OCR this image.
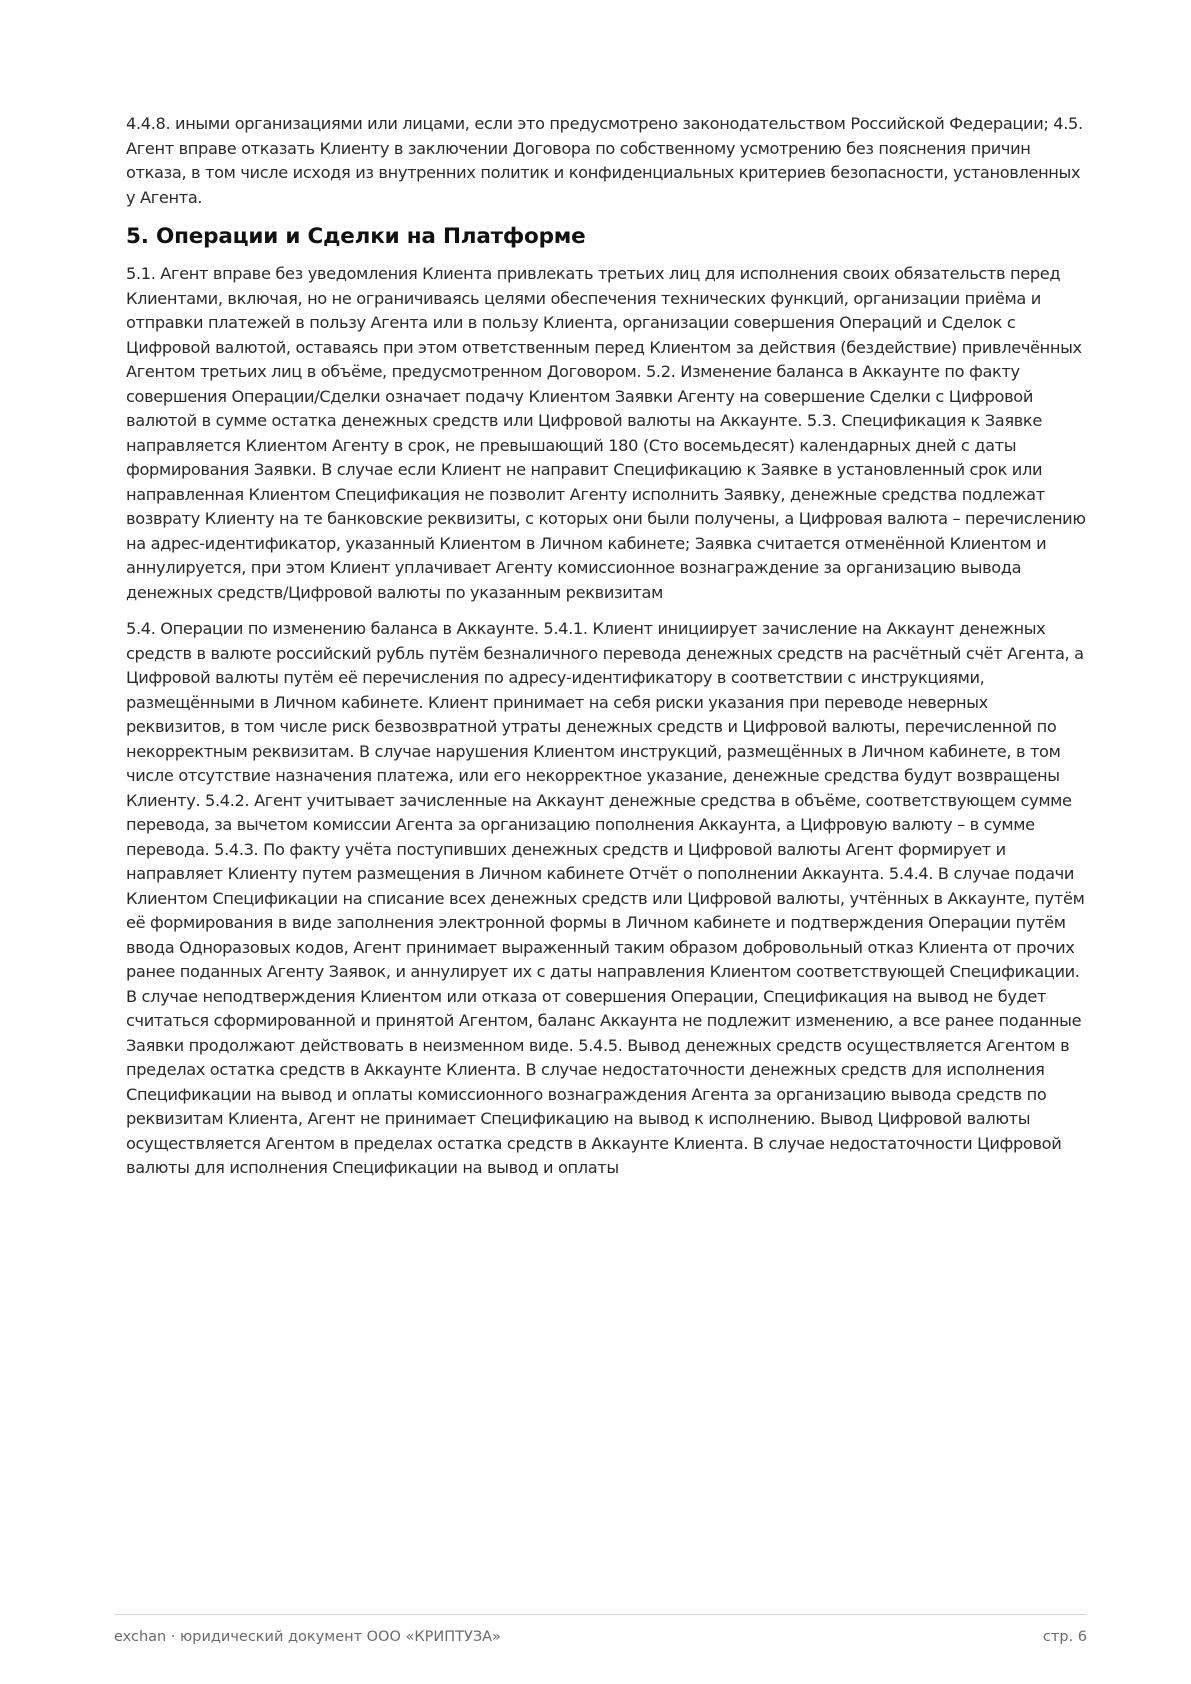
4.4.8. иными организациями или лицами, если это предусмотрено законодательством Российской Федерации; 4.5. Агент вправе отказать Клиенту в заключении Договора по собственному усмотрению без пояснения причин отказа, в том числе исходя из внутренних политик и конфиденциальных критериев безопасности, установленных у Агента.

5. Операции и Сделки на Платформе

5.1. Агент вправе без уведомления Клиента привлекать третьих лиц для исполнения своих обязательств перед Клиентами, включая, но не ограничиваясь целями обеспечения технических функций, организации приёма и отправки платежей в пользу Агента или в пользу Клиента, организации совершения Операций и Сделок с Цифровой валютой, оставаясь при этом ответственным перед Клиентом за действия (бездействие) привлечённых Агентом третьих лиц в объёме, предусмотренном Договором. 5.2. Изменение баланса в Аккаунте по факту совершения Операции/Сделки означает подачу Клиентом Заявки Агенту на совершение Сделки с Цифровой валютой в сумме остатка денежных средств или Цифровой валюты на Аккаунте. 5.3. Спецификация к Заявке направляется Клиентом Агенту в срок, не превышающий 180 (Сто восемьдесят) календарных дней с даты формирования Заявки. В случае если Клиент не направит Спецификацию к Заявке в установленный срок или направленная Клиентом Спецификация не позволит Агенту исполнить Заявку, денежные средства подлежат возврату Клиенту на те банковские реквизиты, с которых они были получены, а Цифровая валюта – перечислению на адрес-идентификатор, указанный Клиентом в Личном кабинете; Заявка считается отменённой Клиентом и аннулируется, при этом Клиент уплачивает Агенту комиссионное вознаграждение за организацию вывода денежных средств/Цифровой валюты по указанным реквизитам

5.4. Операции по изменению баланса в Аккаунте. 5.4.1. Клиент инициирует зачисление на Аккаунт денежных средств в валюте российский рубль путём безналичного перевода денежных средств на расчётный счёт Агента, а Цифровой валюты путём её перечисления по адресу-идентификатору в соответствии с инструкциями, размещёнными в Личном кабинете. Клиент принимает на себя риски указания при переводе неверных реквизитов, в том числе риск безвозвратной утраты денежных средств и Цифровой валюты, перечисленной по некорректным реквизитам. В случае нарушения Клиентом инструкций, размещённых в Личном кабинете, в том числе отсутствие назначения платежа, или его некорректное указание, денежные средства будут возвращены Клиенту. 5.4.2. Агент учитывает зачисленные на Аккаунт денежные средства в объёме, соответствующем сумме перевода, за вычетом комиссии Агента за организацию пополнения Аккаунта, а Цифровую валюту – в сумме перевода. 5.4.3. По факту учёта поступивших денежных средств и Цифровой валюты Агент формирует и направляет Клиенту путем размещения в Личном кабинете Отчёт о пополнении Аккаунта. 5.4.4. В случае подачи Клиентом Спецификации на списание всех денежных средств или Цифровой валюты, учтённых в Аккаунте, путём её формирования в виде заполнения электронной формы в Личном кабинете и подтверждения Операции путём ввода Одноразовых кодов, Агент принимает выраженный таким образом добровольный отказ Клиента от прочих ранее поданных Агенту Заявок, и аннулирует их с даты направления Клиентом соответствующей Спецификации. В случае неподтверждения Клиентом или отказа от совершения Операции, Спецификация на вывод не будет считаться сформированной и принятой Агентом, баланс Аккаунта не подлежит изменению, а все ранее поданные Заявки продолжают действовать в неизменном виде. 5.4.5. Вывод денежных средств осуществляется Агентом в пределах остатка средств в Аккаунте Клиента. В случае недостаточности денежных средств для исполнения Спецификации на вывод и оплаты комиссионного вознаграждения Агента за организацию вывода средств по реквизитам Клиента, Агент не принимает Спецификацию на вывод к исполнению. Вывод Цифровой валюты осуществляется Агентом в пределах остатка средств в Аккаунте Клиента. В случае недостаточности Цифровой валюты для исполнения Спецификации на вывод и оплаты

exchan · юридический документ ООО «КРИПТУЗА»	стр. 6
